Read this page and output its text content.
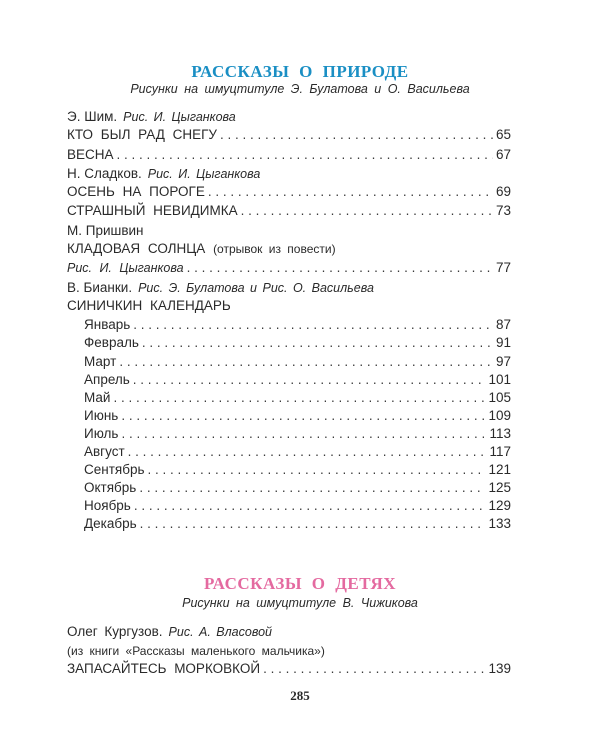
РАССКАЗЫ О ПРИРОДЕ
Рисунки на шмуцтитуле Э. Булатова и О. Васильева
Э. Шим. Рис. И. Цыганкова
КТО БЫЛ РАД СНЕГУ . . .	65
ВЕСНА . . .	67
Н. Сладков. Рис. И. Цыганкова
ОСЕНЬ НА ПОРОГЕ . . .	69
СТРАШНЫЙ НЕВИДИМКА . . .	73
М. Пришвин
КЛАДОВАЯ СОЛНЦА (отрывок из повести)
Рис. И. Цыганкова . . .	77
В. Бианки. Рис. Э. Булатова и Рис. О. Васильева
СИНИЧКИН КАЛЕНДАРЬ
Январь . . .	87
Февраль . . .	91
Март . . .	97
Апрель . . .	101
Май . . .	105
Июнь . . .	109
Июль . . .	113
Август . . .	117
Сентябрь . . .	121
Октябрь . . .	125
Ноябрь . . .	129
Декабрь . . .	133
РАССКАЗЫ О ДЕТЯХ
Рисунки на шмуцтитуле В. Чижикова
Олег Кургузов. Рис. А. Власовой
(из книги «Рассказы маленького мальчика»)
ЗАПАСАЙТЕСЬ МОРКОВКОЙ . . .	139
285
